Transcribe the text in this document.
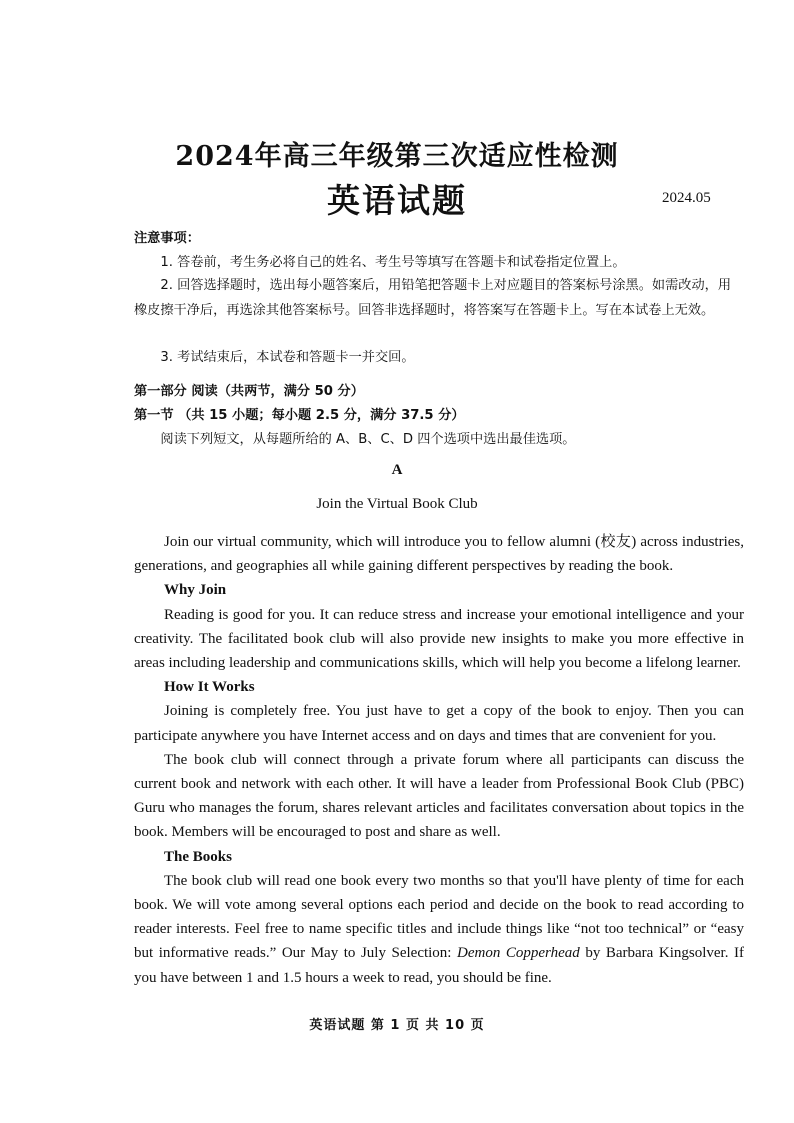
2024年高三年级第三次适应性检测
英语试题	2024.05
注意事项：
1. 答卷前，考生务必将自己的姓名、考生号等填写在答题卡和试卷指定位置上。
2. 回答选择题时，选出每小题答案后，用铅笔把答题卡上对应题目的答案标号涂黑。如需改动，用橡皮擦干净后，再选涂其他答案标号。回答非选择题时，将答案写在答题卡上。写在本试卷上无效。
3. 考试结束后，本试卷和答题卡一并交回。
第一部分 阅读（共两节，满分 50 分）
第一节 （共 15 小题；每小题 2.5 分，满分 37.5 分）
阅读下列短文，从每题所给的 A、B、C、D 四个选项中选出最佳选项。
A
Join the Virtual Book Club

Join our virtual community, which will introduce you to fellow alumni (校友) across industries, generations, and geographies all while gaining different perspectives by reading the book.

Why Join

Reading is good for you. It can reduce stress and increase your emotional intelligence and your creativity. The facilitated book club will also provide new insights to make you more effective in areas including leadership and communications skills, which will help you become a lifelong learner.

How It Works

Joining is completely free. You just have to get a copy of the book to enjoy. Then you can participate anywhere you have Internet access and on days and times that are convenient for you.

The book club will connect through a private forum where all participants can discuss the current book and network with each other. It will have a leader from Professional Book Club (PBC) Guru who manages the forum, shares relevant articles and facilitates conversation about topics in the book. Members will be encouraged to post and share as well.

The Books

The book club will read one book every two months so that you'll have plenty of time for each book. We will vote among several options each period and decide on the book to read according to reader interests. Feel free to name specific titles and include things like “not too technical” or “easy but informative reads.” Our May to July Selection: Demon Copperhead by Barbara Kingsolver. If you have between 1 and 1.5 hours a week to read, you should be fine.

英语试题 第 1 页 共 10 页
